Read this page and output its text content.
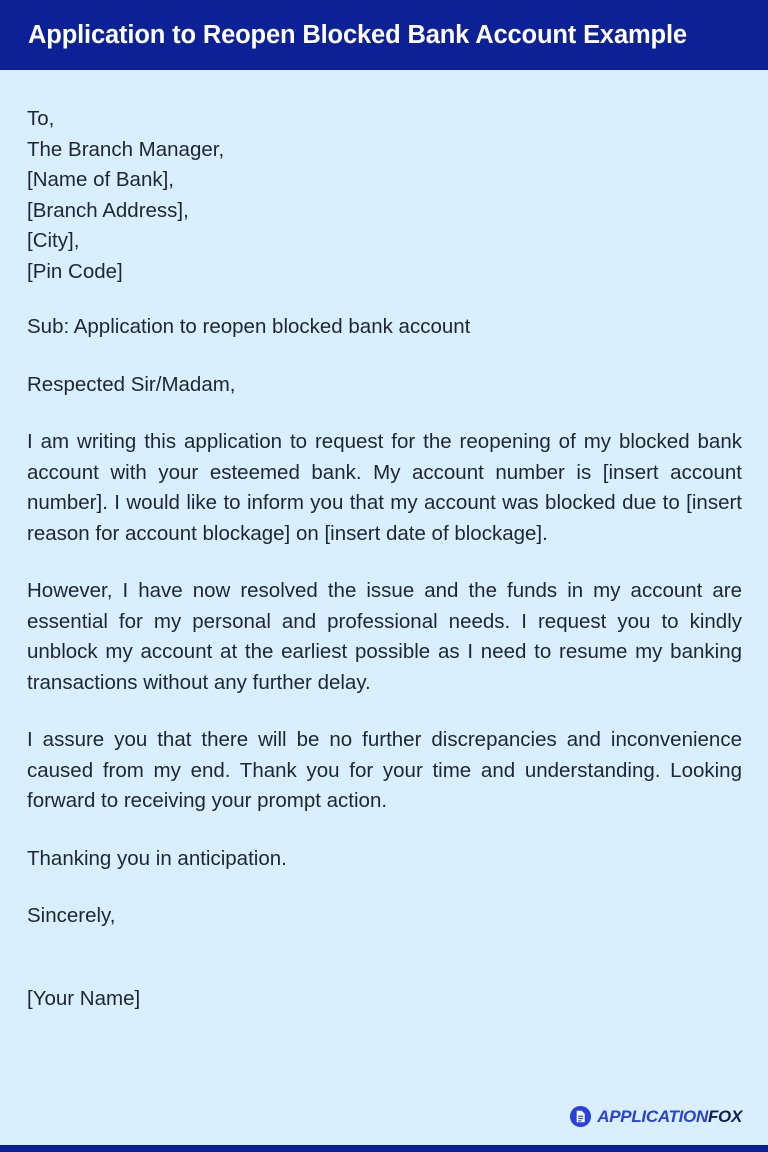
Application to Reopen Blocked Bank Account Example
To,
The Branch Manager,
[Name of Bank],
[Branch Address],
[City],
[Pin Code]
Sub: Application to reopen blocked bank account
Respected Sir/Madam,

I am writing this application to request for the reopening of my blocked bank account with your esteemed bank. My account number is [insert account number]. I would like to inform you that my account was blocked due to [insert reason for account blockage] on [insert date of blockage].

However, I have now resolved the issue and the funds in my account are essential for my personal and professional needs. I request you to kindly unblock my account at the earliest possible as I need to resume my banking transactions without any further delay.

I assure you that there will be no further discrepancies and inconvenience caused from my end. Thank you for your time and understanding. Looking forward to receiving your prompt action.

Thanking you in anticipation.
Sincerely,
[Your Name]
APPLICATIONFOX
